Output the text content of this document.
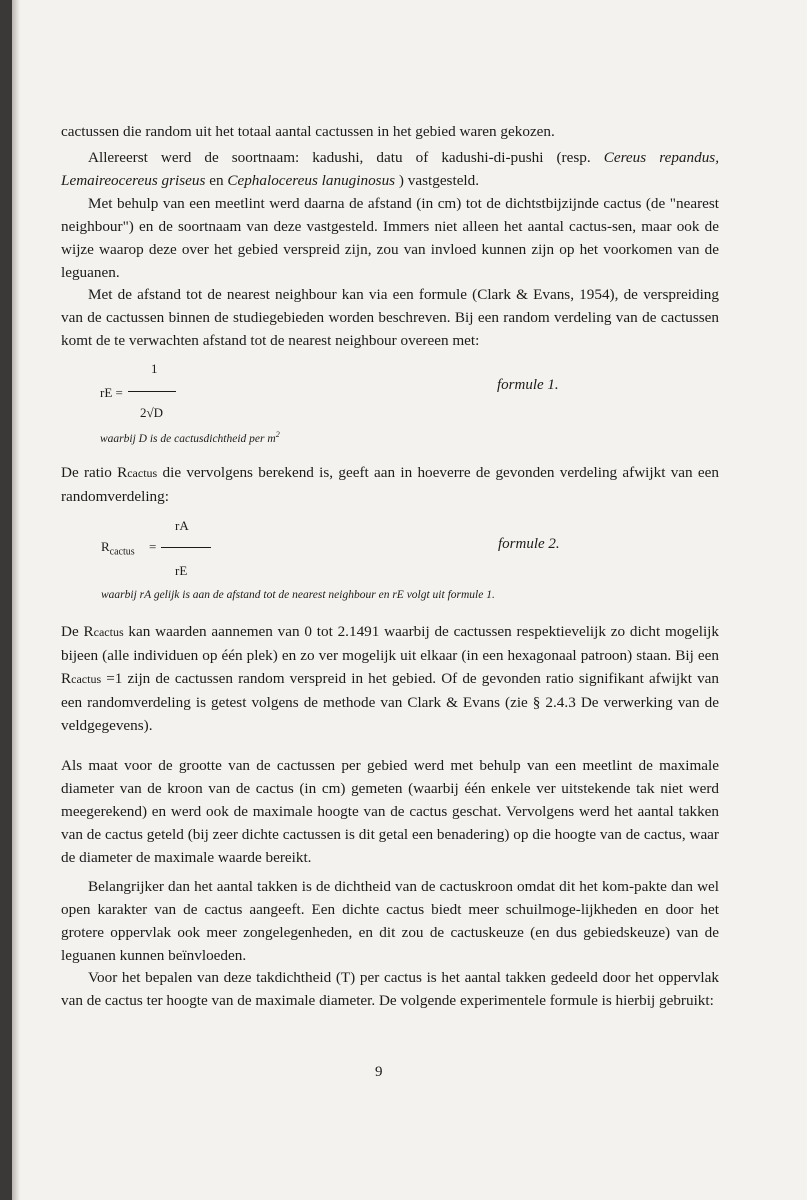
cactussen die random uit het totaal aantal cactussen in het gebied waren gekozen.

Allereerst werd de soortnaam: kadushi, datu of kadushi-di-pushi (resp. Cereus repandus, Lemaireocereus griseus en Cephalocereus lanuginosus ) vastgesteld.

Met behulp van een meetlint werd daarna de afstand (in cm) tot de dichtstbijzijnde cactus (de "nearest neighbour") en de soortnaam van deze vastgesteld. Immers niet alleen het aantal cactus-sen, maar ook de wijze waarop deze over het gebied verspreid zijn, zou van invloed kunnen zijn op het voorkomen van de leguanen.

Met de afstand tot de nearest neighbour kan via een formule (Clark & Evans, 1954), de verspreiding van de cactussen binnen de studiegebieden worden beschreven. Bij een random verdeling van de cactussen komt de te verwachten afstand tot de nearest neighbour overeen met:

rE =
1
2√D
formule 1.
waarbij D is de cactusdichtheid per $m^2$

De ratio Rcactus die vervolgens berekend is, geeft aan in hoeverre de gevonden verdeling afwijkt van een randomverdeling:

$R_{cactus}$ =
rA
rE
formule 2.
waarbij rA gelijk is aan de afstand tot de nearest neighbour en rE volgt uit formule 1.

De Rcactus kan waarden aannemen van 0 tot 2.1491 waarbij de cactussen respektievelijk zo dicht mogelijk bijeen (alle individuen op één plek) en zo ver mogelijk uit elkaar (in een hexagonaal patroon) staan. Bij een Rcactus =1 zijn de cactussen random verspreid in het gebied. Of de gevonden ratio signifikant afwijkt van een randomverdeling is getest volgens de methode van Clark & Evans (zie § 2.4.3 De verwerking van de veldgegevens).

Als maat voor de grootte van de cactussen per gebied werd met behulp van een meetlint de maximale diameter van de kroon van de cactus (in cm) gemeten (waarbij één enkele ver uitstekende tak niet werd meegerekend) en werd ook de maximale hoogte van de cactus geschat. Vervolgens werd het aantal takken van de cactus geteld (bij zeer dichte cactussen is dit getal een benadering) op die hoogte van de cactus, waar de diameter de maximale waarde bereikt.

Belangrijker dan het aantal takken is de dichtheid van de cactuskroon omdat dit het kom-pakte dan wel open karakter van de cactus aangeeft. Een dichte cactus biedt meer schuilmoge-lijkheden en door het grotere oppervlak ook meer zongelegenheden, en dit zou de cactuskeuze (en dus gebiedskeuze) van de leguanen kunnen beïnvloeden.

Voor het bepalen van deze takdichtheid (T) per cactus is het aantal takken gedeeld door het oppervlak van de cactus ter hoogte van de maximale diameter. De volgende experimentele formule is hierbij gebruikt:

9
